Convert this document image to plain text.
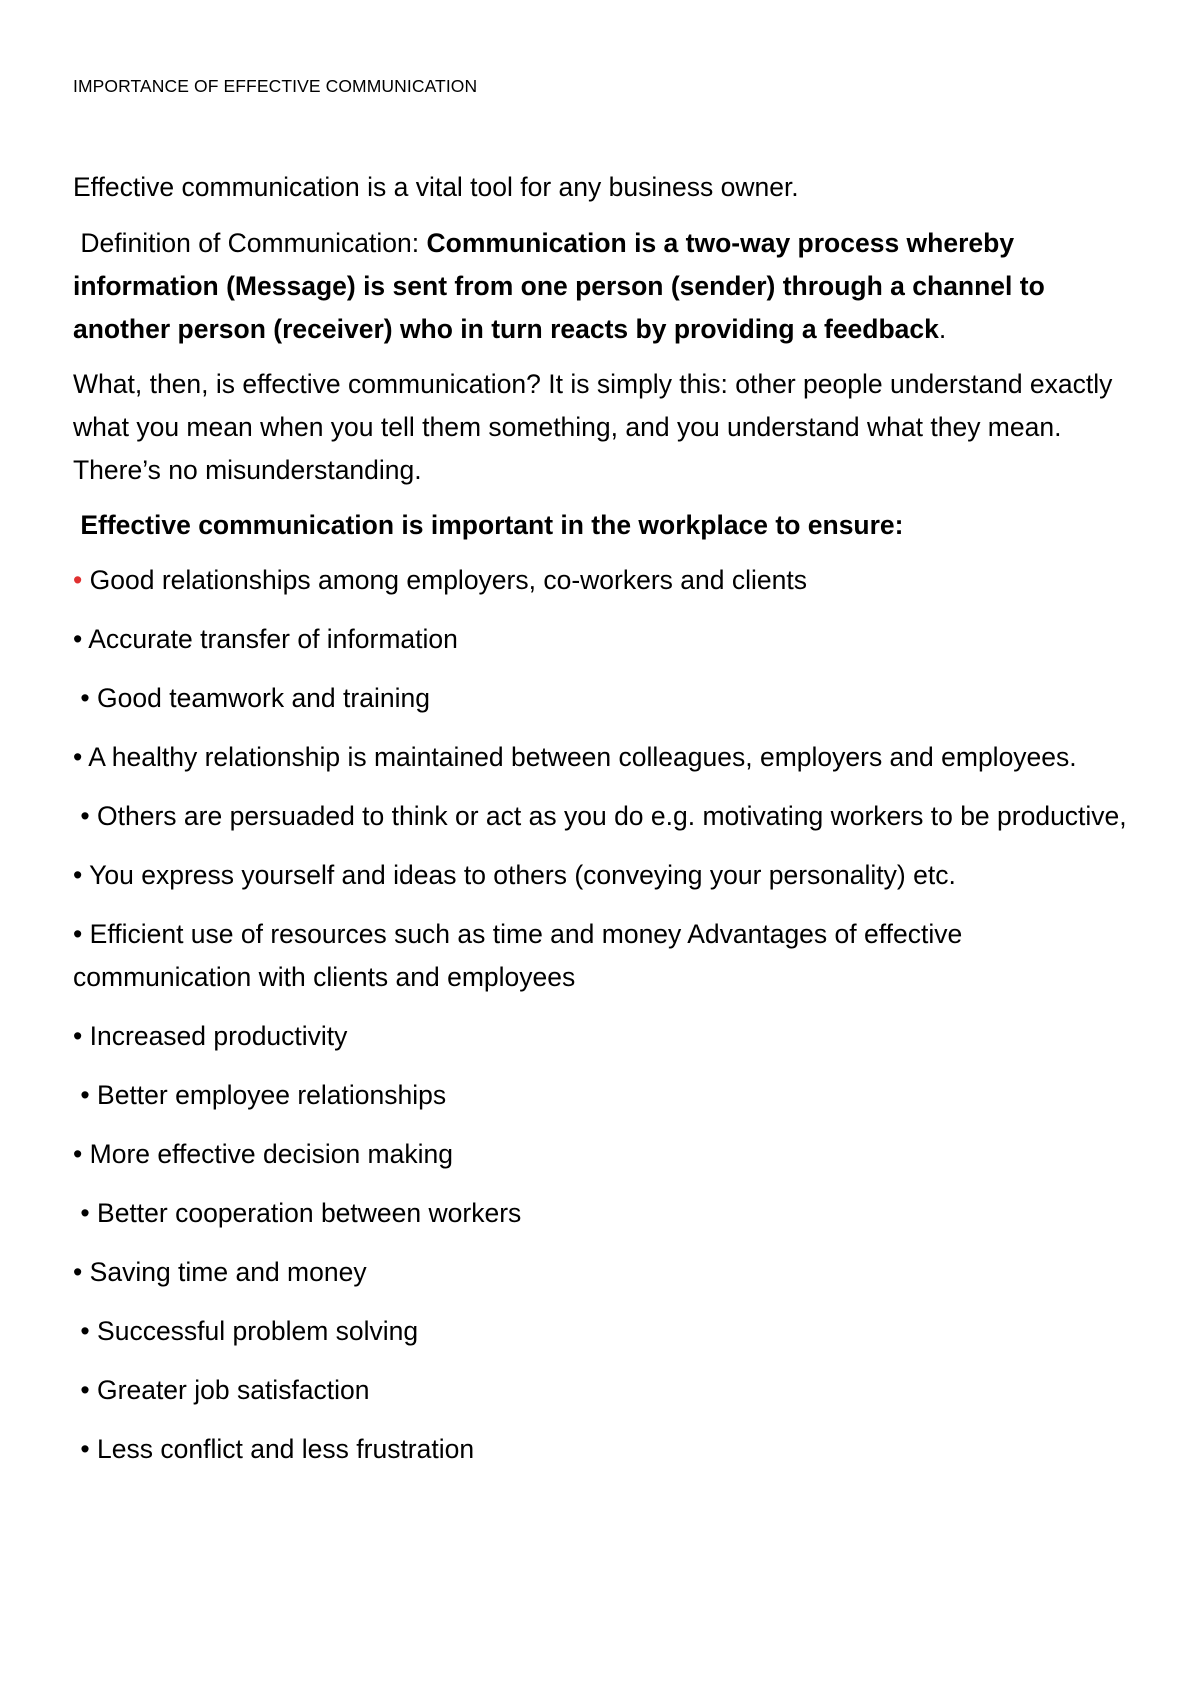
IMPORTANCE OF EFFECTIVE COMMUNICATION

Effective communication is a vital tool for any business owner.

Definition of Communication: Communication is a two-way process whereby information (Message) is sent from one person (sender) through a channel to another person (receiver) who in turn reacts by providing a feedback.

What, then, is effective communication? It is simply this: other people understand exactly what you mean when you tell them something, and you understand what they mean. There’s no misunderstanding.

Effective communication is important in the workplace to ensure:

• Good relationships among employers, co-workers and clients

• Accurate transfer of information

• Good teamwork and training

• A healthy relationship is maintained between colleagues, employers and employees.

• Others are persuaded to think or act as you do e.g. motivating workers to be productive,

• You express yourself and ideas to others (conveying your personality) etc.

• Efficient use of resources such as time and money Advantages of effective communication with clients and employees

• Increased productivity

• Better employee relationships

• More effective decision making

• Better cooperation between workers

• Saving time and money

• Successful problem solving

• Greater job satisfaction

• Less conflict and less frustration
